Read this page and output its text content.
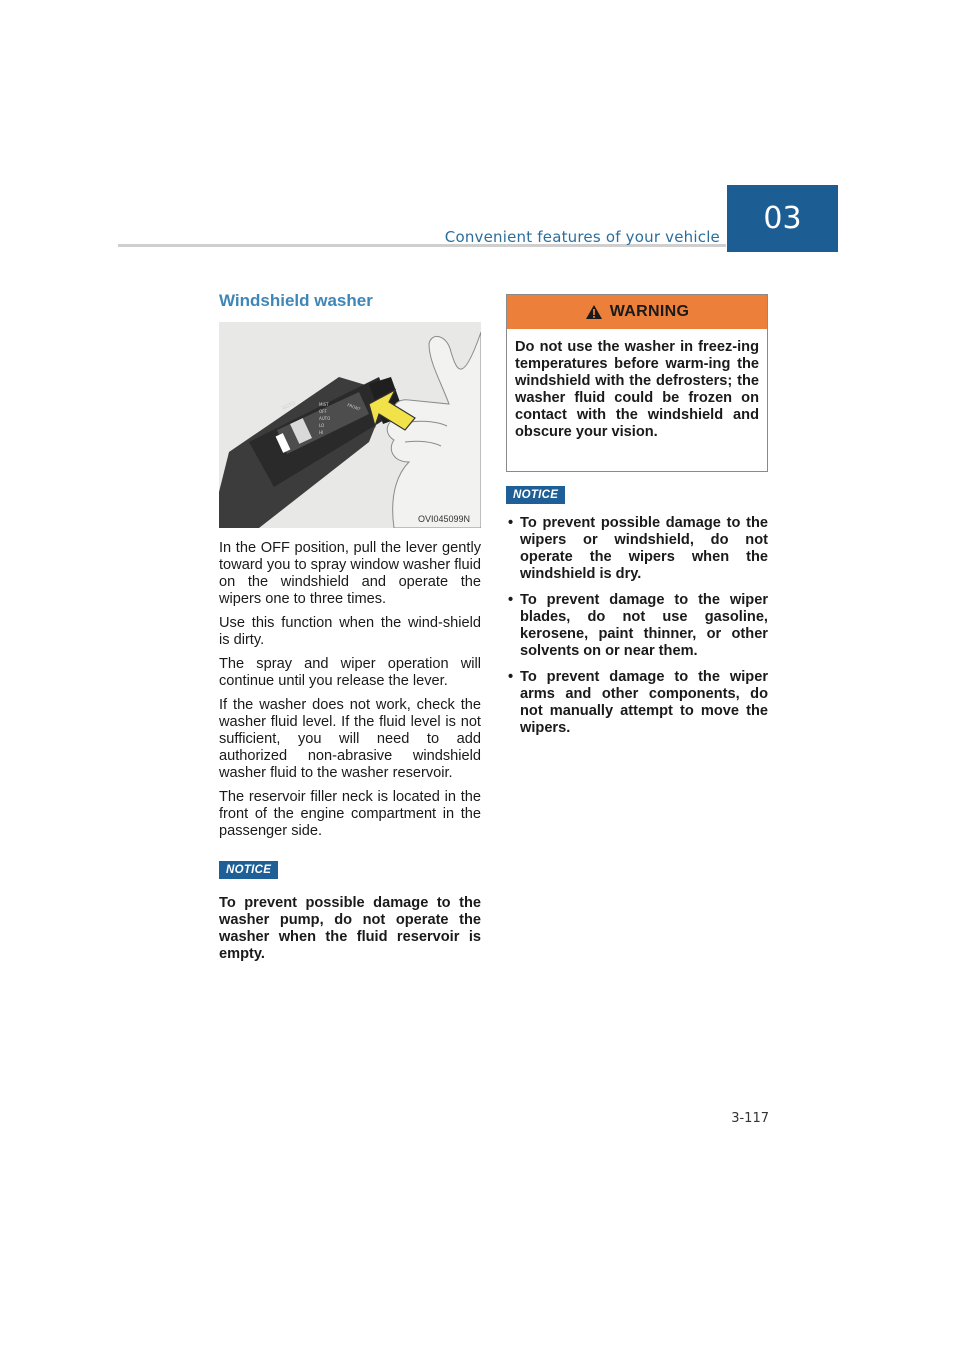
Convenient features of your vehicle
03
Windshield washer
AUTO	MIST
OFF
AUTO
LO
HI
FRONT
OVI045099N

In the OFF position, pull the lever gently toward you to spray window washer fluid on the windshield and operate the wipers one to three times.

Use this function when the wind-shield is dirty.

The spray and wiper operation will continue until you release the lever.

If the washer does not work, check the washer fluid level. If the fluid level is not sufficient, you will need to add authorized non-abrasive windshield washer fluid to the washer reservoir.

The reservoir filler neck is located in the front of the engine compartment in the passenger side.

NOTICE

To prevent possible damage to the washer pump, do not operate the washer when the fluid reservoir is empty.

WARNING
Do not use the washer in freez-ing temperatures before warm-ing the windshield with the defrosters; the washer fluid could be frozen on contact with the windshield and obscure your vision.
NOTICE
• To prevent possible damage to the wipers or windshield, do not operate the wipers when the windshield is dry.
• To prevent damage to the wiper blades, do not use gasoline, kerosene, paint thinner, or other solvents on or near them.
• To prevent damage to the wiper arms and other components, do not manually attempt to move the wipers.
3-117
